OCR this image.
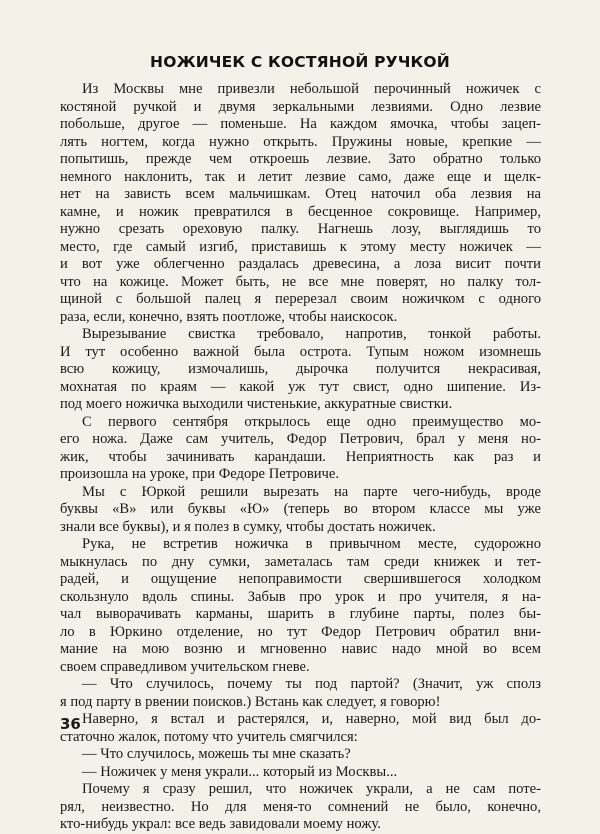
НОЖИЧЕК С КОСТЯНОЙ РУЧКОЙ
Из Москвы мне привезли небольшой перочинный ножичек с
костяной ручкой и двумя зеркальными лезвиями. Одно лезвие
побольше, другое — поменьше. На каждом ямочка, чтобы зацеп-
лять ногтем, когда нужно открыть. Пружины новые, крепкие —
попытишь, прежде чем откроешь лезвие. Зато обратно только
немного наклонить, так и летит лезвие само, даже еще и щелк-
нет на зависть всем мальчишкам. Отец наточил оба лезвия на
камне, и ножик превратился в бесценное сокровище. Например,
нужно срезать ореховую палку. Нагнешь лозу, выглядишь то
место, где самый изгиб, приставишь к этому месту ножичек —
и вот уже облегченно раздалась древесина, а лоза висит почти
что на кожице. Может быть, не все мне поверят, но палку тол-
щиной с большой палец я перерезал своим ножичком с одного
раза, если, конечно, взять поотложе, чтобы наискосок.
Вырезывание свистка требовало, напротив, тонкой работы.
И тут особенно важной была острота. Тупым ножом изомнешь
всю кожицу, измочалишь, дырочка получится некрасивая,
мохнатая по краям — какой уж тут свист, одно шипение. Из-
под моего ножичка выходили чистенькие, аккуратные свистки.
С первого сентября открылось еще одно преимущество мо-
его ножа. Даже сам учитель, Федор Петрович, брал у меня но-
жик, чтобы зачинивать карандаши. Неприятность как раз и
произошла на уроке, при Федоре Петровиче.
Мы с Юркой решили вырезать на парте чего-нибудь, вроде
буквы «В» или буквы «Ю» (теперь во втором классе мы уже
знали все буквы), и я полез в сумку, чтобы достать ножичек.
Рука, не встретив ножичка в привычном месте, судорожно
мыкнулась по дну сумки, заметалась там среди книжек и тет-
радей, и ощущение непоправимости свершившегося холодком
скользнуло вдоль спины. Забыв про урок и про учителя, я на-
чал выворачивать карманы, шарить в глубине парты, полез бы-
ло в Юркино отделение, но тут Федор Петрович обратил вни-
мание на мою возню и мгновенно навис надо мной во всем
своем справедливом учительском гневе.
— Что случилось, почему ты под партой? (Значит, уж сполз
я под парту в рвении поисков.) Встань как следует, я говорю!
Наверно, я встал и растерялся, и, наверно, мой вид был до-
статочно жалок, потому что учитель смягчился:
— Что случилось, можешь ты мне сказать?
— Ножичек у меня украли... который из Москвы...
Почему я сразу решил, что ножичек украли, а не сам поте-
рял, неизвестно. Но для меня-то сомнений не было, конечно,
кто-нибудь украл: все ведь завидовали моему ножу.
36
